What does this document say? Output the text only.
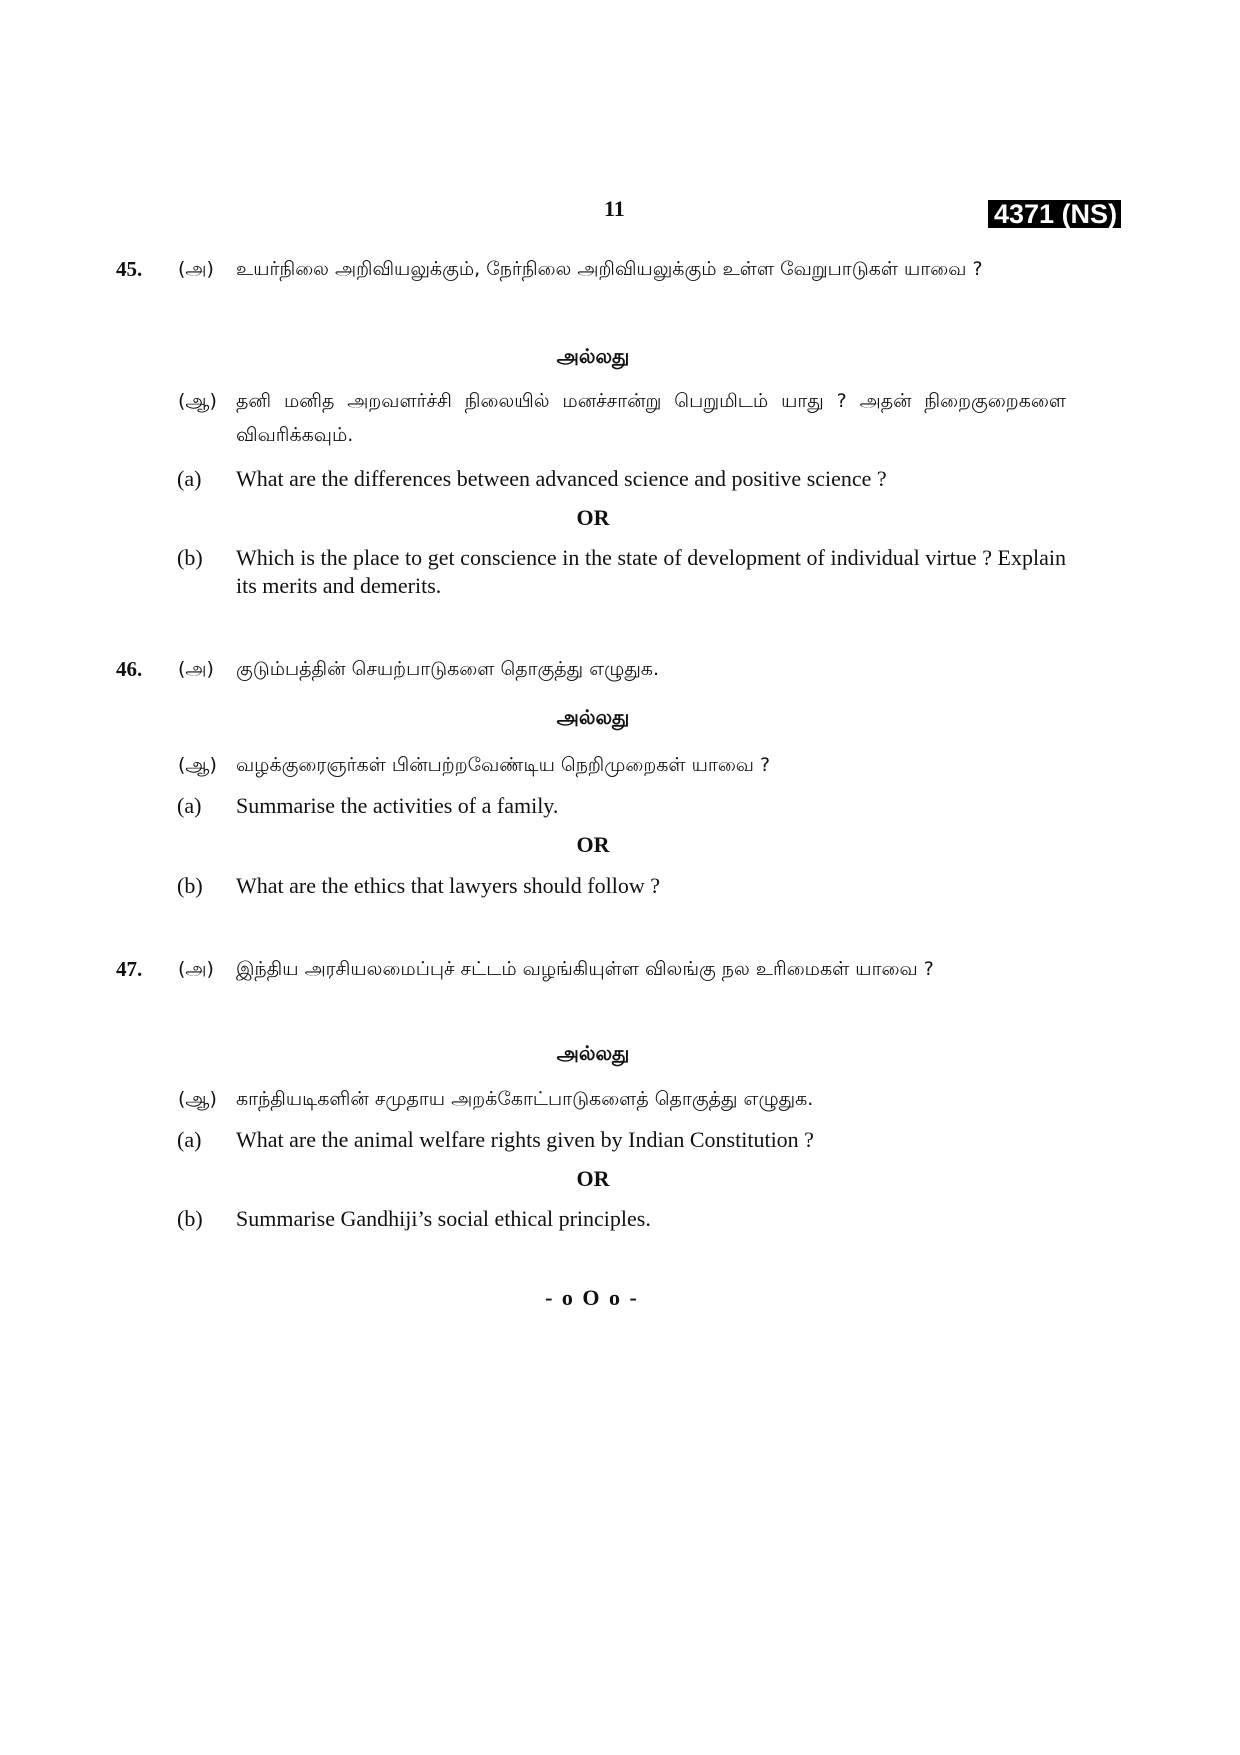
11	4371 (NS)
45. (அ) உயர்நிலை அறிவியலுக்கும், நேர்நிலை அறிவியலுக்கும் உள்ள வேறுபாடுகள் யாவை ?
அல்லது
(ஆ) தனி மனித அறவளர்ச்சி நிலையில் மனச்சான்று பெறுமிடம் யாது ? அதன் நிறைகுறைகளை விவரிக்கவும்.
(a) What are the differences between advanced science and positive science ?
OR
(b) Which is the place to get conscience in the state of development of individual virtue ? Explain its merits and demerits.
46. (அ) குடும்பத்தின் செயற்பாடுகளை தொகுத்து எழுதுக.
அல்லது
(ஆ) வழக்குரைஞர்கள் பின்பற்றவேண்டிய நெறிமுறைகள் யாவை ?
(a) Summarise the activities of a family.
OR
(b) What are the ethics that lawyers should follow ?
47. (அ) இந்திய அரசியலமைப்புச் சட்டம் வழங்கியுள்ள விலங்கு நல உரிமைகள் யாவை ?
அல்லது
(ஆ) காந்தியடிகளின் சமுதாய அறக்கோட்பாடுகளைத் தொகுத்து எழுதுக.
(a) What are the animal welfare rights given by Indian Constitution ?
OR
(b) Summarise Gandhiji’s social ethical principles.
- o O o -
